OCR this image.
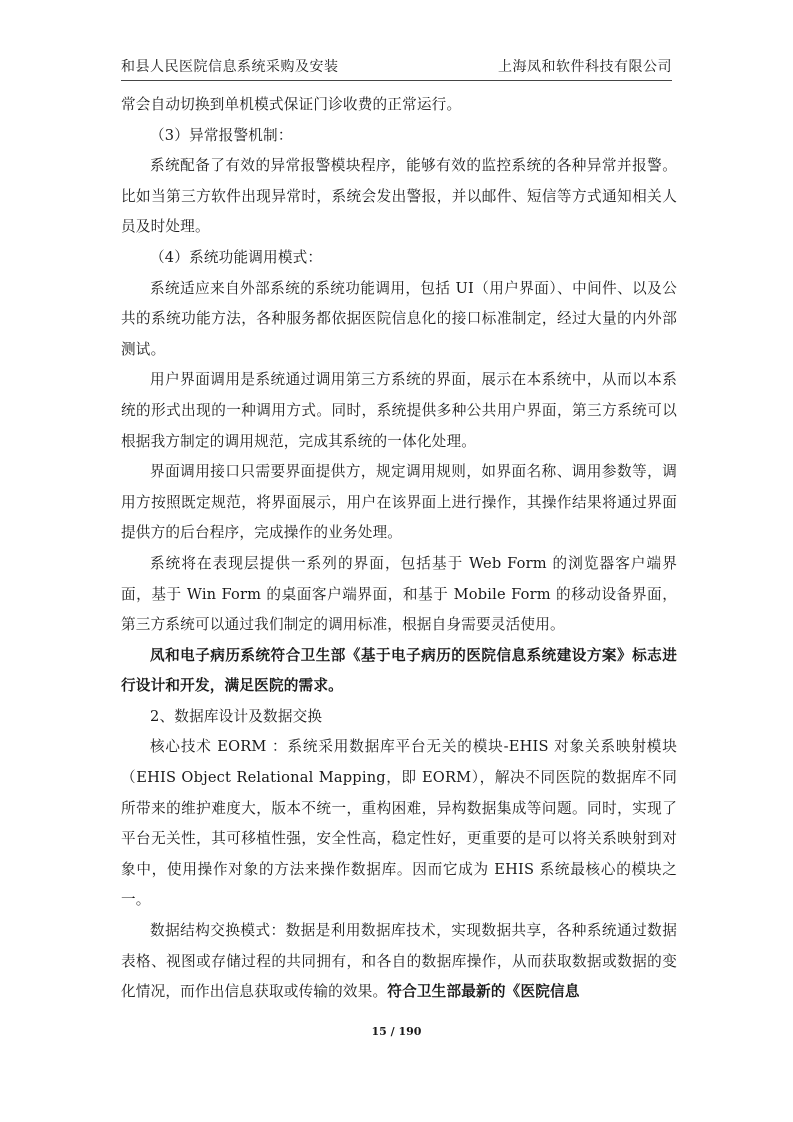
和县人民医院信息系统采购及安装	上海凤和软件科技有限公司

常会自动切换到单机模式保证门诊收费的正常运行。

（3）异常报警机制：

系统配备了有效的异常报警模块程序，能够有效的监控系统的各种异常并报警。比如当第三方软件出现异常时，系统会发出警报，并以邮件、短信等方式通知相关人员及时处理。

（4）系统功能调用模式：

系统适应来自外部系统的系统功能调用，包括 UI（用户界面）、中间件、以及公共的系统功能方法，各种服务都依据医院信息化的接口标准制定，经过大量的内外部测试。

用户界面调用是系统通过调用第三方系统的界面，展示在本系统中，从而以本系统的形式出现的一种调用方式。同时，系统提供多种公共用户界面，第三方系统可以根据我方制定的调用规范，完成其系统的一体化处理。

界面调用接口只需要界面提供方，规定调用规则，如界面名称、调用参数等，调用方按照既定规范，将界面展示，用户在该界面上进行操作，其操作结果将通过界面提供方的后台程序，完成操作的业务处理。

系统将在表现层提供一系列的界面，包括基于 Web Form 的浏览器客户端界面，基于 Win Form 的桌面客户端界面，和基于 Mobile Form 的移动设备界面，第三方系统可以通过我们制定的调用标准，根据自身需要灵活使用。

凤和电子病历系统符合卫生部《基于电子病历的医院信息系统建设方案》标志进行设计和开发，满足医院的需求。

2、数据库设计及数据交换

核心技术 EORM ：系统采用数据库平台无关的模块-EHIS 对象关系映射模块（EHIS Object Relational Mapping，即 EORM），解决不同医院的数据库不同所带来的维护难度大，版本不统一，重构困难，异构数据集成等问题。同时，实现了平台无关性，其可移植性强，安全性高，稳定性好，更重要的是可以将关系映射到对象中，使用操作对象的方法来操作数据库。因而它成为 EHIS 系统最核心的模块之一。

数据结构交换模式：数据是利用数据库技术，实现数据共享，各种系统通过数据表格、视图或存储过程的共同拥有，和各自的数据库操作，从而获取数据或数据的变化情况，而作出信息获取或传输的效果。符合卫生部最新的《医院信息

15 / 190
